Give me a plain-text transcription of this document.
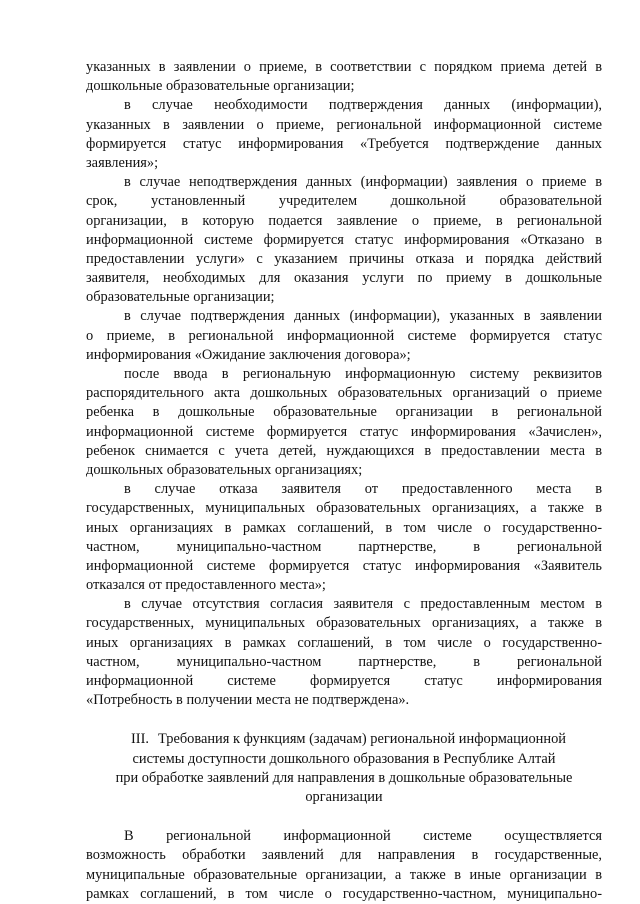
указанных в заявлении о приеме, в соответствии с порядком приема детей в
дошкольные образовательные организации;
в случае необходимости подтверждения данных (информации),
указанных в заявлении о приеме, региональной информационной системе
формируется статус информирования «Требуется подтверждение данных
заявления»;
в случае неподтверждения данных (информации) заявления о приеме в
срок, установленный учредителем дошкольной образовательной
организации, в которую подается заявление о приеме, в региональной
информационной системе формируется статус информирования «Отказано в
предоставлении услуги» с указанием причины отказа и порядка действий
заявителя, необходимых для оказания услуги по приему в дошкольные
образовательные организации;
в случае подтверждения данных (информации), указанных в заявлении
о приеме, в региональной информационной системе формируется статус
информирования «Ожидание заключения договора»;
после ввода в региональную информационную систему реквизитов
распорядительного акта дошкольных образовательных организаций о приеме
ребенка в дошкольные образовательные организации в региональной
информационной системе формируется статус информирования «Зачислен»,
ребенок снимается с учета детей, нуждающихся в предоставлении места в
дошкольных образовательных организациях;
в случае отказа заявителя от предоставленного места в
государственных, муниципальных образовательных организациях, а также в
иных организациях в рамках соглашений, в том числе о государственно-
частном, муниципально-частном партнерстве, в региональной
информационной системе формируется статус информирования «Заявитель
отказался от предоставленного места»;
в случае отсутствия согласия заявителя с предоставленным местом в
государственных, муниципальных образовательных организациях, а также в
иных организациях в рамках соглашений, в том числе о государственно-
частном, муниципально-частном партнерстве, в региональной
информационной системе формируется статус информирования
«Потребность в получении места не подтверждена».
III. Требования к функциям (задачам) региональной информационной
системы доступности дошкольного образования в Республике Алтай
при обработке заявлений для направления в дошкольные образовательные
организации
В региональной информационной системе осуществляется
возможность обработки заявлений для направления в государственные,
муниципальные образовательные организации, а также в иные организации в
рамках соглашений, в том числе о государственно-частном, муниципально-
